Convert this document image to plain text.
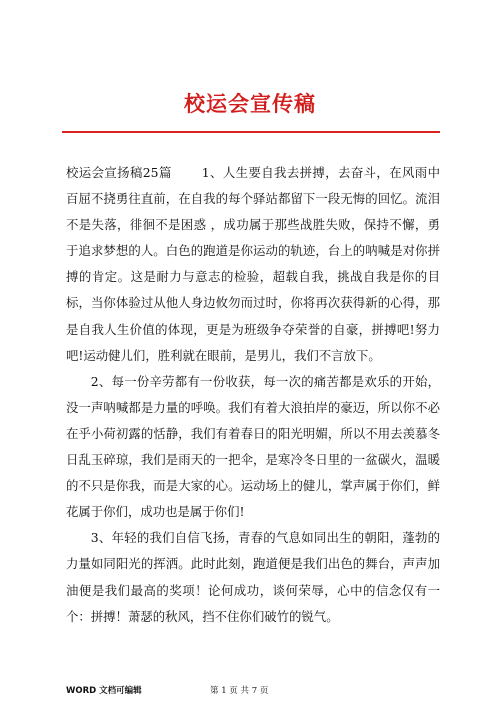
校运会宣传稿

校运会宣扬稿25篇 1、人生要自我去拼搏，去奋斗，在风雨中百屈不挠勇往直前，在自我的每个驿站都留下一段无悔的回忆。流泪不是失落，徘徊不是困惑 ，成功属于那些战胜失败，保持不懈，勇于追求梦想的人。白色的跑道是你运动的轨迹，台上的呐喊是对你拼搏的肯定。这是耐力与意志的检验，超载自我，挑战自我是你的目标，当你体验过从他人身边攸勿而过时，你将再次获得新的心得，那是自我人生价值的体现，更是为班级争夺荣誉的自豪，拼搏吧!努力吧!运动健儿们，胜利就在眼前，是男儿，我们不言放下。

2、每一份辛劳都有一份收获，每一次的痛苦都是欢乐的开始，没一声呐喊都是力量的呼唤。我们有着大浪拍岸的豪迈，所以你不必在乎小荷初露的恬静，我们有着春日的阳光明媚，所以不用去羡慕冬日乱玉碎琼，我们是雨天的一把伞，是寒冷冬日里的一盆碳火，温暖的不只是你我，而是大家的心。运动场上的健儿，掌声属于你们，鲜花属于你们，成功也是属于你们!

3、年轻的我们自信飞扬，青春的气息如同出生的朝阳，蓬勃的力量如同阳光的挥洒。此时此刻，跑道便是我们出色的舞台，声声加油便是我们最高的奖项！论何成功，谈何荣辱，心中的信念仅有一个：拼搏！萧瑟的秋风，挡不住你们破竹的锐气。

WORD 文档可编辑	第 1 页 共 7 页
